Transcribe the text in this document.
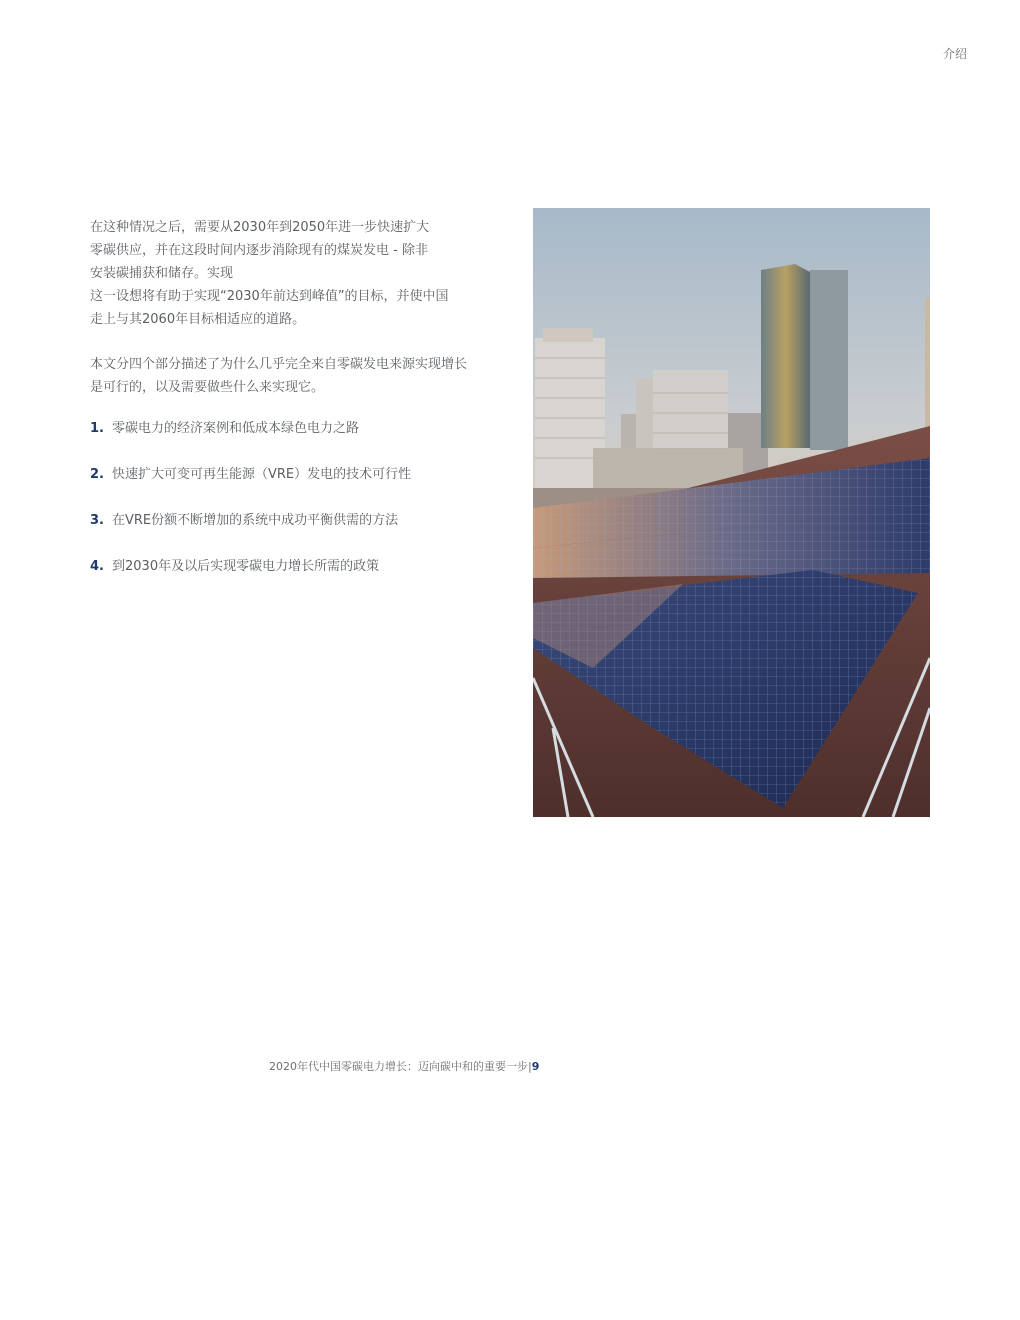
介绍

在这种情况之后，需要从2030年到2050年进一步快速扩大
零碳供应，并在这段时间内逐步消除现有的煤炭发电 - 除非
安装碳捕获和储存。实现
这一设想将有助于实现“2030年前达到峰值”的目标，并使中国
走上与其2060年目标相适应的道路。

本文分四个部分描述了为什么几乎完全来自零碳发电来源实现增长
是可行的，以及需要做些什么来实现它。

1. 零碳电力的经济案例和低成本绿色电力之路
2. 快速扩大可变可再生能源（VRE）发电的技术可行性
3. 在VRE份额不断增加的系统中成功平衡供需的方法
4. 到2030年及以后实现零碳电力增长所需的政策
2020年代中国零碳电力增长：迈向碳中和的重要一步|9
